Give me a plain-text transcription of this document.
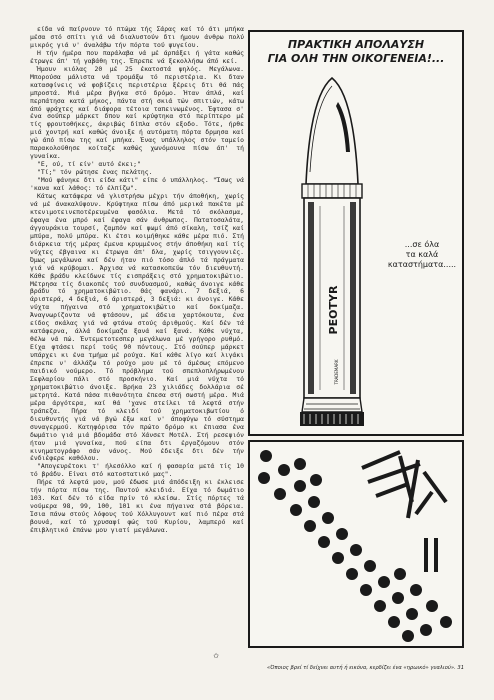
είδα νά παίρνουν τό πτώμα τής Σάρας καί τό άτι μπήκα μέσα στό σπίτι γιά νά διαλυστούν δτι ήμουν άνθρω πολύ μικρός γιά ν' άναλάβω τήν πόρτα τού ψυγείου.

Η τήν ήμέρα που παράλαβα νά μέ άρπάξει ή γάτα καθώς έτρωγε άπ' τή γαβάθη της. Έπρεπε νά ξεκολλήσω άπό κεί.

Ήμουν κιόλας 20 μέ 25 έκατοστά ψηλός. Μεγάλωνα. Μπορούσα μάλιστα νά τρομάξω τό περιστέρια. Κι δταν κατασφίνεις νά φοβίζεις περιστέρια ξέρεις δτι θά πάς μπροστά. Μιά μέρα βγήκα στό δρόμο. Ήταν άπλά, καί περπάτησα κατά μήκος, πάντα στή σκιά τών σπιτιών, κάτω άπό ψράχτες καί διάφορα τέτοια ταπεινωμένος. Έφτασα σ' ένα σούπερ μάρκετ δπου καί κρύφτηκα στό περίπτερο μέ τίς φρουτοθήκες, άκριβώς δίπλα στόν εξοδο. Τότε, ήρθε μιά χοντρή καί καθώς άνοιξε ή αυτόματη πόρτα δρμησα καί γώ άπό πίσω της καί μπήκα. Ένας υπάλληλος στόν ταμείο παρακολούθησε κοίταζε καθώς χωνόμουνα πίσω άπ' τή γυναίκα.

"Ε, ού, τί είν' αυτό έκει;"

"Τί;" τόν ρώτησε ένας πελάτης.

"Μού φάνηκε δτι είδα κάτι" είπε ό υπάλληλος. "Ίσως νά 'κανα καί λάθος: τό έλπίζω".

Κάτως κατάφερα νά γλιστρήσω μέχρι τήν άποθήκη, χωρίς νά μέ άνακαλύψουν. Κρύφτηκα πίσω άπό μερικά πακέτα μέ κτενιμοτεινεποτέρευμένα φασόλια. Μετά τό σκόλασμα, έφαγα ένα μπρό καί έφαγα σάν άνθρωπος. Πατατοσαλάτα, άγγουράκια τουρσί, ζαμπόν καί ψωμί άπό σίκαλη, τσίζ καί μπύρα, πολύ μπύρα. Κι έτσι κοιμήθηκε κάθε μέρα πιό. Στή διάρκεια τής μέρας έμενα κρυμμένος στήν άποθήκη καί τίς νύχτες έβγαινα κι έτρωγα άπ' δλα, χωρίς τσιγγουνιές. Όμως μεγάλωνα καί δέν ήταν πιό τόσο άπλό τά πράγματα γιά νά κρύβομαι. Άρχισα νά κατασκοπεύω τόν διευθυντή. Κάθε βράδυ κλείδωνε τίς εισπράξεις στό χρηματοκιβώτιο. Μέτρησα τίς διακοπές τού συνδυασμού, καθώς άνοιγε κάθε βράδυ τό χρηματοκιβώτιο. Θάς φανάρι. 7 δεξιά, 6 άριστερά, 4 δεξιά, 6 άριστερά, 3 δεξιά: κι άνοιγε. Κάθε νύχτα πήγαινα στό χρηματοκιβώτιο καί δοκίμαζα. Άναγνωρίζοντα νά φτάσουν, μέ άδεια χαρτόκουτα, ένα είδος σκάλας γιά νά φτάνω στούς άριθμούς. Καί δέν τά κατάφερνα, άλλά δοκίμαζα ξανά καί ξανά. Κάθε νύχτα, θέλω νά πώ. Έντεμετοτεσπερ μεγάλωνα μέ γρήγορο ρυθμό. Είχα φτάσει περί τούς 90 πόντους. Στό σούπερ μάρκετ υπάρχει κι ένα τμήμα μέ ρούχα. Καί κάθε λίγο καί λιγάκι έπρεπε ν' άλλάζω τό ρούχο μου μέ τό άμέσως επόμενο παιδικό νούμερο. Τό πρόβλημα τού σπεπλοπλήρωμένου Σεφλαρίου πάλι στό προσκήνιο. Καί μιά νύχτα τό χρηματοκιβώτιο άνοιξε. Βρήκα 23 χιλιάδες δολλάρια σέ μετρητά. Κατά πάσα πιθανότητα έπεσα στή σωστή μέρα. Μιά μέρα άργότερα, καί θά 'χανε στείλει τά λεφτά στήν τράπεζα. Πήρα τό κλειδί τού χρηματοκιβωτίου ό διευθυντής γιά νά βγώ έξω καί ν' άποφύγω τό σύστημα συναγερμού. Κατηφόρισα τόν πρώτο δρόμο κι έπιασα ένα δωμάτιο γιά μιά βδομάδα στό Χάνσετ Μοτέλ. Στή ρεσεψιόν ήταν μιά γυναίκα, πού είπα δτι έργαζόμουν στόν κινηματογράφο σάν νάνος. Μού έδειξε δτι δέν τήν ένδιέφερε καθόλου.

"Απογευρέτοκι τ' ήλεσόλλο καί ή φασαρία μετά τίς 10 τό βράδυ. Είναι στό κατοστατικό μας".

Πήρε τά λεφτά μου, μού έδωσε μιά άπόδειξη κι έκλεισε τήν πόρτα πίσω της. Παντού κλειδιά. Είχα τό δωμάτιο 103. Καί δέν τό είδα πρίν τό κλείσω. Στίς πόρτες τά νούμερα 98, 99, 100, 101 κι ένα πήγαινα στά βόρεια. Ίσια πάνω στούς λόφους τού Χόλλυγουντ καί πιό πέρα στά βουνά, καί τό χρυσαφί φώς τού Κυρίου, λαμπερό καί έπιβλητικό έπάνω μου γιατί μεγάλωνα.

✩
ΠΡΑΚΤΙΚΗ ΑΠΟΛΑΥΣΗ
ΓΙΑ ΟΛΗ ΤΗΝ ΟΙΚΟΓΕΝΕΙΑ!...
PEOTYR
TRADEMARK
...σε όλα
τα καλά
καταστήματα.....
«Όποιος βρεί τί δείχνει αυτή ή εικόνα, κερδίζει ένα «ηρωικό» γυαλιού». 31
